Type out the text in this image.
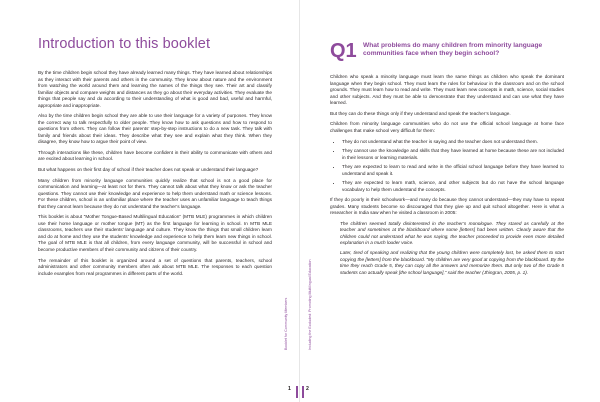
Introduction to this booklet

By the time children begin school they have already learned many things. They have learned about relationships as they interact with their parents and others in the community. They know about nature and the environment from watching the world around them and learning the names of the things they see. Their art and classify familiar objects and compare weights and distances as they go about their everyday activities. They evaluate the things that people say and do according to their understanding of what is good and bad, useful and harmful, appropriate and inappropriate.

Also by the time children begin school they are able to use their language for a variety of purposes. They know the correct way to talk respectfully to older people. They know how to ask questions and how to respond to questions from others. They can follow their parents’ step-by-step instructions to do a new task. They talk with family and friends about their ideas. They describe what they see and explain what they think. When they disagree, they know how to argue their point of view.

Through interactions like these, children have become confident in their ability to communicate with others and are excited about learning in school.

But what happens on their first day of school if their teacher does not speak or understand their language?

Many children from minority language communities quickly realize that school is not a good place for communication and learning—at least not for them. They cannot talk about what they know or ask the teacher questions. They cannot use their knowledge and experience to help them understand math or science lessons. For these children, school is an unfamiliar place where the teacher uses an unfamiliar language to teach things that they cannot learn because they do not understand the teacher’s language.

This booklet is about “Mother Tongue-Based Multilingual Education” (MTB MLE) programmes in which children use their home language or mother tongue (MT) as the first language for learning in school. In MTB MLE classrooms, teachers use their students’ language and culture. They know the things that small children learn and do at home and they use the students’ knowledge and experience to help them learn new things in school. The goal of MTB MLE is that all children, from every language community, will be successful in school and become productive members of their community and citizens of their country.

The remainder of this booklet is organized around a set of questions that parents, teachers, school administrators and other community members often ask about MTB MLE. The responses to each question include examples from real programmes in different parts of the world.

Q1 What problems do many children from minority language communities face when they begin school?

Children who speak a minority language must learn the same things as children who speak the dominant language when they begin school. They must learn the rules for behaviour in the classroom and on the school grounds. They must learn how to read and write. They must learn new concepts in math, science, social studies and other subjects. And they must be able to demonstrate that they understand and can use what they have learned.

But they can do these things only if they understand and speak the teacher’s language.

Children from minority language communities who do not use the official school language at home face challenges that make school very difficult for them:

• They do not understand what the teacher is saying and the teacher does not understand them.
• They cannot use the knowledge and skills that they have learned at home because these are not included in their lessons or learning materials.
• They are expected to learn to read and write in the official school language before they have learned to understand and speak it.
• They are expected to learn math, science, and other subjects but do not have the school language vocabulary to help them understand the concepts.

If they do poorly in their schoolwork—and many do because they cannot understand—they may have to repeat grades. Many students become so discouraged that they give up and quit school altogether. Here is what a researcher in India saw when he visited a classroom in 2005:

The children seemed totally disinterested in the teacher’s monologue. They stared as carefully at the teacher and sometimes at the blackboard where some [letters] had been written. Clearly aware that the children could not understand what he was saying, the teacher proceeded to provide even more detailed explanation in a much louder voice.

Later, tired of speaking and realizing that the young children were completely lost, he asked them to start copying the [letters] from the blackboard. “My children are very good at copying from the blackboard. By the time they reach Grade 5, they can copy all the answers and memorize them. But only two of the Grade 5 students can actually speak [the school language],” said the teacher (Jhingran, 2005, p. 1).

Booklet for Community Members	Including the Excluded: Promoting Multilingual Education
1	2
